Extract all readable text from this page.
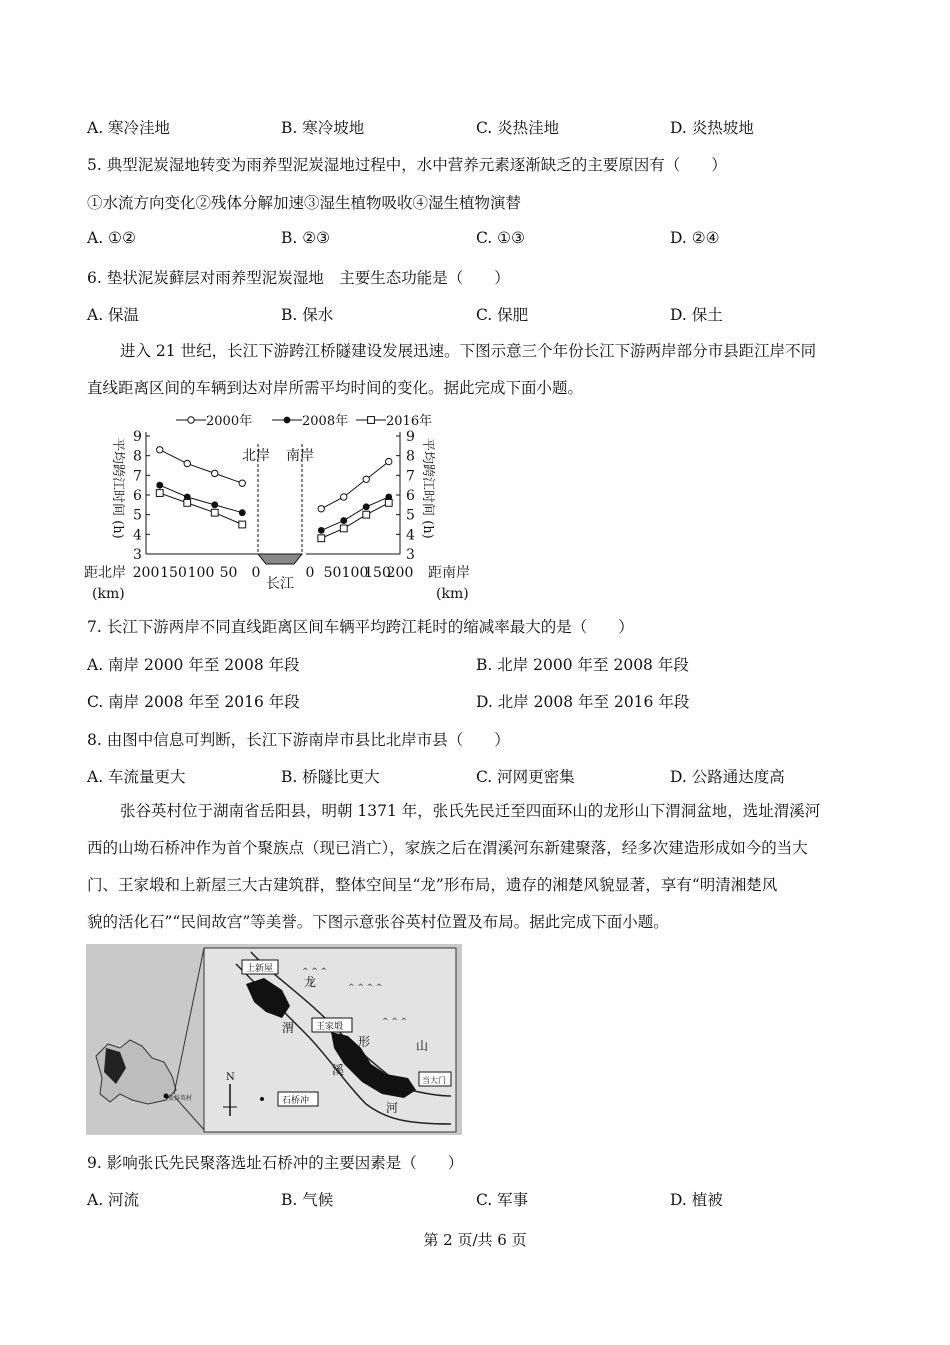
A. 寒冷洼地	B. 寒冷坡地	C. 炎热洼地	D. 炎热坡地
5. 典型泥炭湿地转变为雨养型泥炭湿地过程中，水中营养元素逐渐缺乏的主要原因有（　　）
①水流方向变化②残体分解加速③湿生植物吸收④湿生植物演替
A. ①②	B. ②③	C. ①③	D. ②④
6. 垫状泥炭藓层对雨养型泥炭湿地　主要生态功能是（　　）
A. 保温	B. 保水	C. 保肥	D. 保土
进入 21 世纪，长江下游跨江桥隧建设发展迅速。下图示意三个年份长江下游两岸部分市县距江岸不同
直线距离区间的车辆到达对岸所需平均时间的变化。据此完成下面小题。
2000年	2008年	2016年
3	3
4	4
5	5
6	6
7	7
8	8
9	9
平均跨江时间 (h)	平均跨江时间 (h)
200 150 100 50 0	0 50 100
150
200
距北岸
(km)
距南岸
(km)
北岸 南岸
长江
7. 长江下游两岸不同直线距离区间车辆平均跨江耗时的缩减率最大的是（　　）
A. 南岸 2000 年至 2008 年段	B. 北岸 2000 年至 2008 年段
C. 南岸 2008 年至 2016 年段	D. 北岸 2008 年至 2016 年段
8. 由图中信息可判断，长江下游南岸市县比北岸市县（　　）
A. 车流量更大	B. 桥隧比更大	C. 河网更密集	D. 公路通达度高
张谷英村位于湖南省岳阳县，明朝 1371 年，张氏先民迁至四面环山的龙形山下渭洞盆地，选址渭溪河
西的山坳石桥冲作为首个聚族点（现已消亡），家族之后在渭溪河东新建聚落，经多次建造形成如今的当大
门、王家塅和上新屋三大古建筑群，整体空间呈“龙”形布局，遗存的湘楚风貌显著，享有“明清湘楚风
貌的活化石”“民间故宫”等美誉。下图示意张谷英村位置及布局。据此完成下面小题。
张谷英村
^ ^ ^
^ ^ ^ ^
^ ^ ^
上新屋
王家塅
当大门
石桥冲
龙
形	山
渭
溪
河
N
9. 影响张氏先民聚落选址石桥冲的主要因素是（　　）
A. 河流	B. 气候	C. 军事	D. 植被
第 2 页/共 6 页
